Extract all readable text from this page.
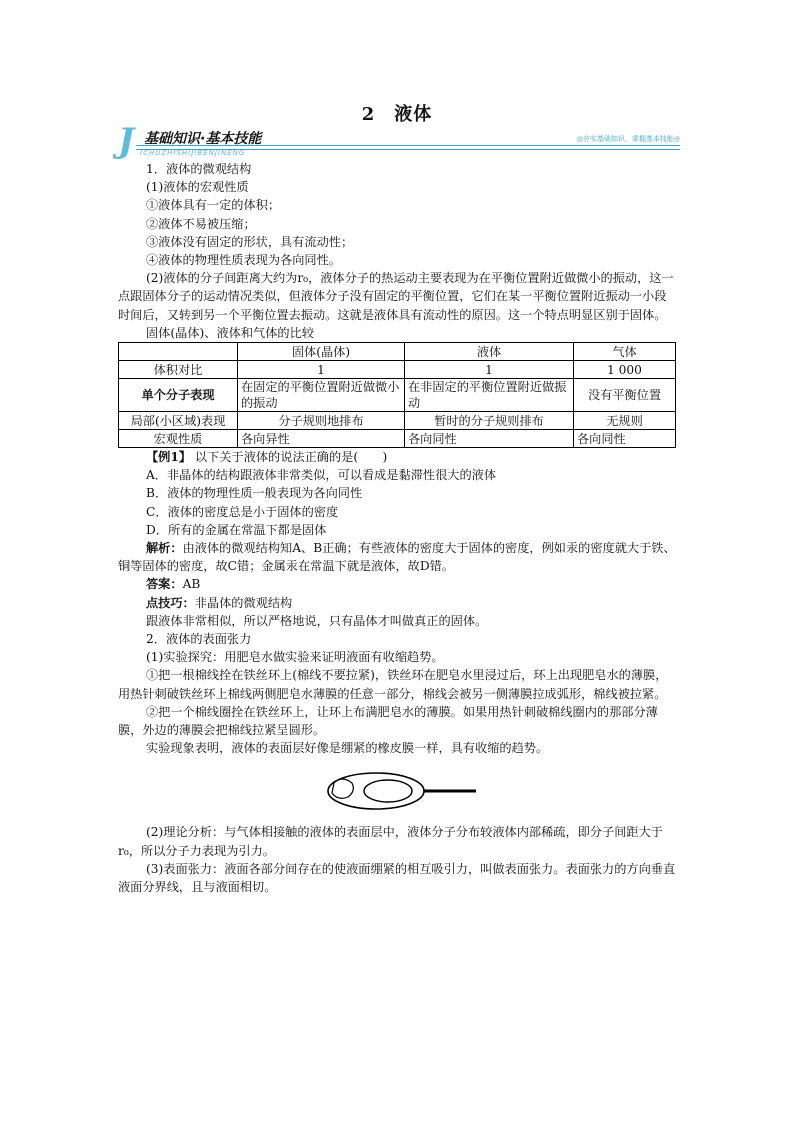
2　液体
J 基础知识·基本技能
ICHUZHISHIJIBENJINENG
◎夯实基础知识，掌握基本技能◎

1．液体的微观结构

(1)液体的宏观性质

①液体具有一定的体积；

②液体不易被压缩；

③液体没有固定的形状，具有流动性；

④液体的物理性质表现为各向同性。

(2)液体的分子间距离大约为r₀，液体分子的热运动主要表现为在平衡位置附近做微小的振动，这一点跟固体分子的运动情况类似，但液体分子没有固定的平衡位置，它们在某一平衡位置附近振动一小段时间后，又转到另一个平衡位置去振动。这就是液体具有流动性的原因。这一个特点明显区别于固体。

固体(晶体)、液体和气体的比较

	固体(晶体)	液体	气体
体积对比	1	1	1 000
单个分子表现	在固定的平衡位置附近做微小的振动	在非固定的平衡位置附近做振动	没有平衡位置
局部(小区域)表现	分子规则地排布	暂时的分子规则排布	无规则
宏观性质	各向异性	各向同性	各向同性

【例1】 以下关于液体的说法正确的是(　　)

A．非晶体的结构跟液体非常类似，可以看成是黏滞性很大的液体

B．液体的物理性质一般表现为各向同性

C．液体的密度总是小于固体的密度

D．所有的金属在常温下都是固体

解析：由液体的微观结构知A、B正确；有些液体的密度大于固体的密度，例如汞的密度就大于铁、铜等固体的密度，故C错；金属汞在常温下就是液体，故D错。

答案：AB

点技巧：非晶体的微观结构

跟液体非常相似，所以严格地说，只有晶体才叫做真正的固体。

2．液体的表面张力

(1)实验探究：用肥皂水做实验来证明液面有收缩趋势。

①把一根棉线拴在铁丝环上(棉线不要拉紧)，铁丝环在肥皂水里浸过后，环上出现肥皂水的薄膜，用热针刺破铁丝环上棉线两侧肥皂水薄膜的任意一部分，棉线会被另一侧薄膜拉成弧形，棉线被拉紧。

②把一个棉线圈拴在铁丝环上，让环上布满肥皂水的薄膜。如果用热针刺破棉线圈内的那部分薄膜，外边的薄膜会把棉线拉紧呈圆形。

实验现象表明，液体的表面层好像是绷紧的橡皮膜一样，具有收缩的趋势。

(2)理论分析：与气体相接触的液体的表面层中，液体分子分布较液体内部稀疏，即分子间距大于r₀，所以分子力表现为引力。

(3)表面张力：液面各部分间存在的使液面绷紧的相互吸引力，叫做表面张力。表面张力的方向垂直液面分界线，且与液面相切。
